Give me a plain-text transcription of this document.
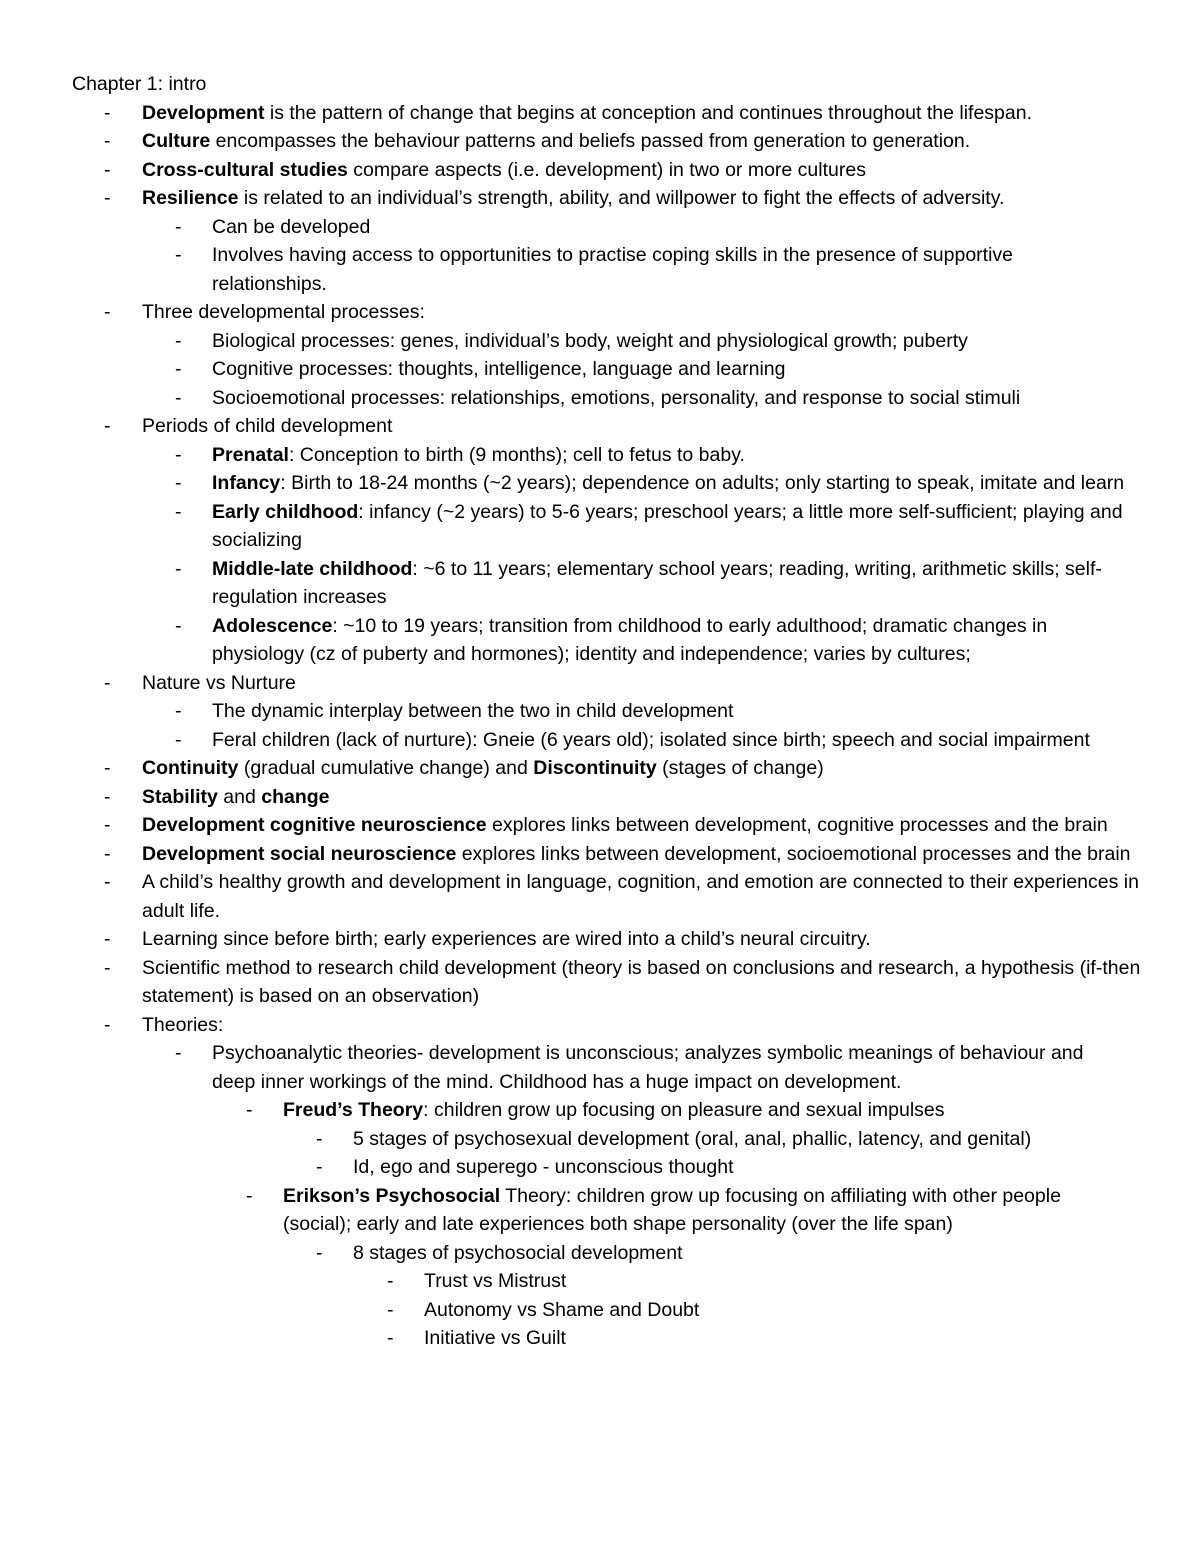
Chapter 1: intro
- Development is the pattern of change that begins at conception and continues throughout the lifespan.
- Culture encompasses the behaviour patterns and beliefs passed from generation to generation.
- Cross-cultural studies compare aspects (i.e. development) in two or more cultures
- Resilience is related to an individual’s strength, ability, and willpower to fight the effects of adversity.
- Can be developed
- Involves having access to opportunities to practise coping skills in the presence of supportive relationships.
- Three developmental processes:
- Biological processes: genes, individual’s body, weight and physiological growth; puberty
- Cognitive processes: thoughts, intelligence, language and learning
- Socioemotional processes: relationships, emotions, personality, and response to social stimuli
- Periods of child development
- Prenatal: Conception to birth (9 months); cell to fetus to baby.
- Infancy: Birth to 18-24 months (~2 years); dependence on adults; only starting to speak, imitate and learn
- Early childhood: infancy (~2 years) to 5-6 years; preschool years; a little more self-sufficient; playing and socializing
- Middle-late childhood: ~6 to 11 years; elementary school years; reading, writing, arithmetic skills; self-regulation increases
- Adolescence: ~10 to 19 years; transition from childhood to early adulthood; dramatic changes in physiology (cz of puberty and hormones); identity and independence; varies by cultures;
- Nature vs Nurture
- The dynamic interplay between the two in child development
- Feral children (lack of nurture): Gneie (6 years old); isolated since birth; speech and social impairment
- Continuity (gradual cumulative change) and Discontinuity (stages of change)
- Stability and change
- Development cognitive neuroscience explores links between development, cognitive processes and the brain
- Development social neuroscience explores links between development, socioemotional processes and the brain
- A child’s healthy growth and development in language, cognition, and emotion are connected to their experiences in adult life.
- Learning since before birth; early experiences are wired into a child’s neural circuitry.
- Scientific method to research child development (theory is based on conclusions and research, a hypothesis (if-then statement) is based on an observation)
- Theories:
- Psychoanalytic theories- development is unconscious; analyzes symbolic meanings of behaviour and deep inner workings of the mind. Childhood has a huge impact on development.
- Freud’s Theory: children grow up focusing on pleasure and sexual impulses
- 5 stages of psychosexual development (oral, anal, phallic, latency, and genital)
- Id, ego and superego - unconscious thought
- Erikson’s Psychosocial Theory: children grow up focusing on affiliating with other people (social); early and late experiences both shape personality (over the life span)
- 8 stages of psychosocial development
- Trust vs Mistrust
- Autonomy vs Shame and Doubt
- Initiative vs Guilt
